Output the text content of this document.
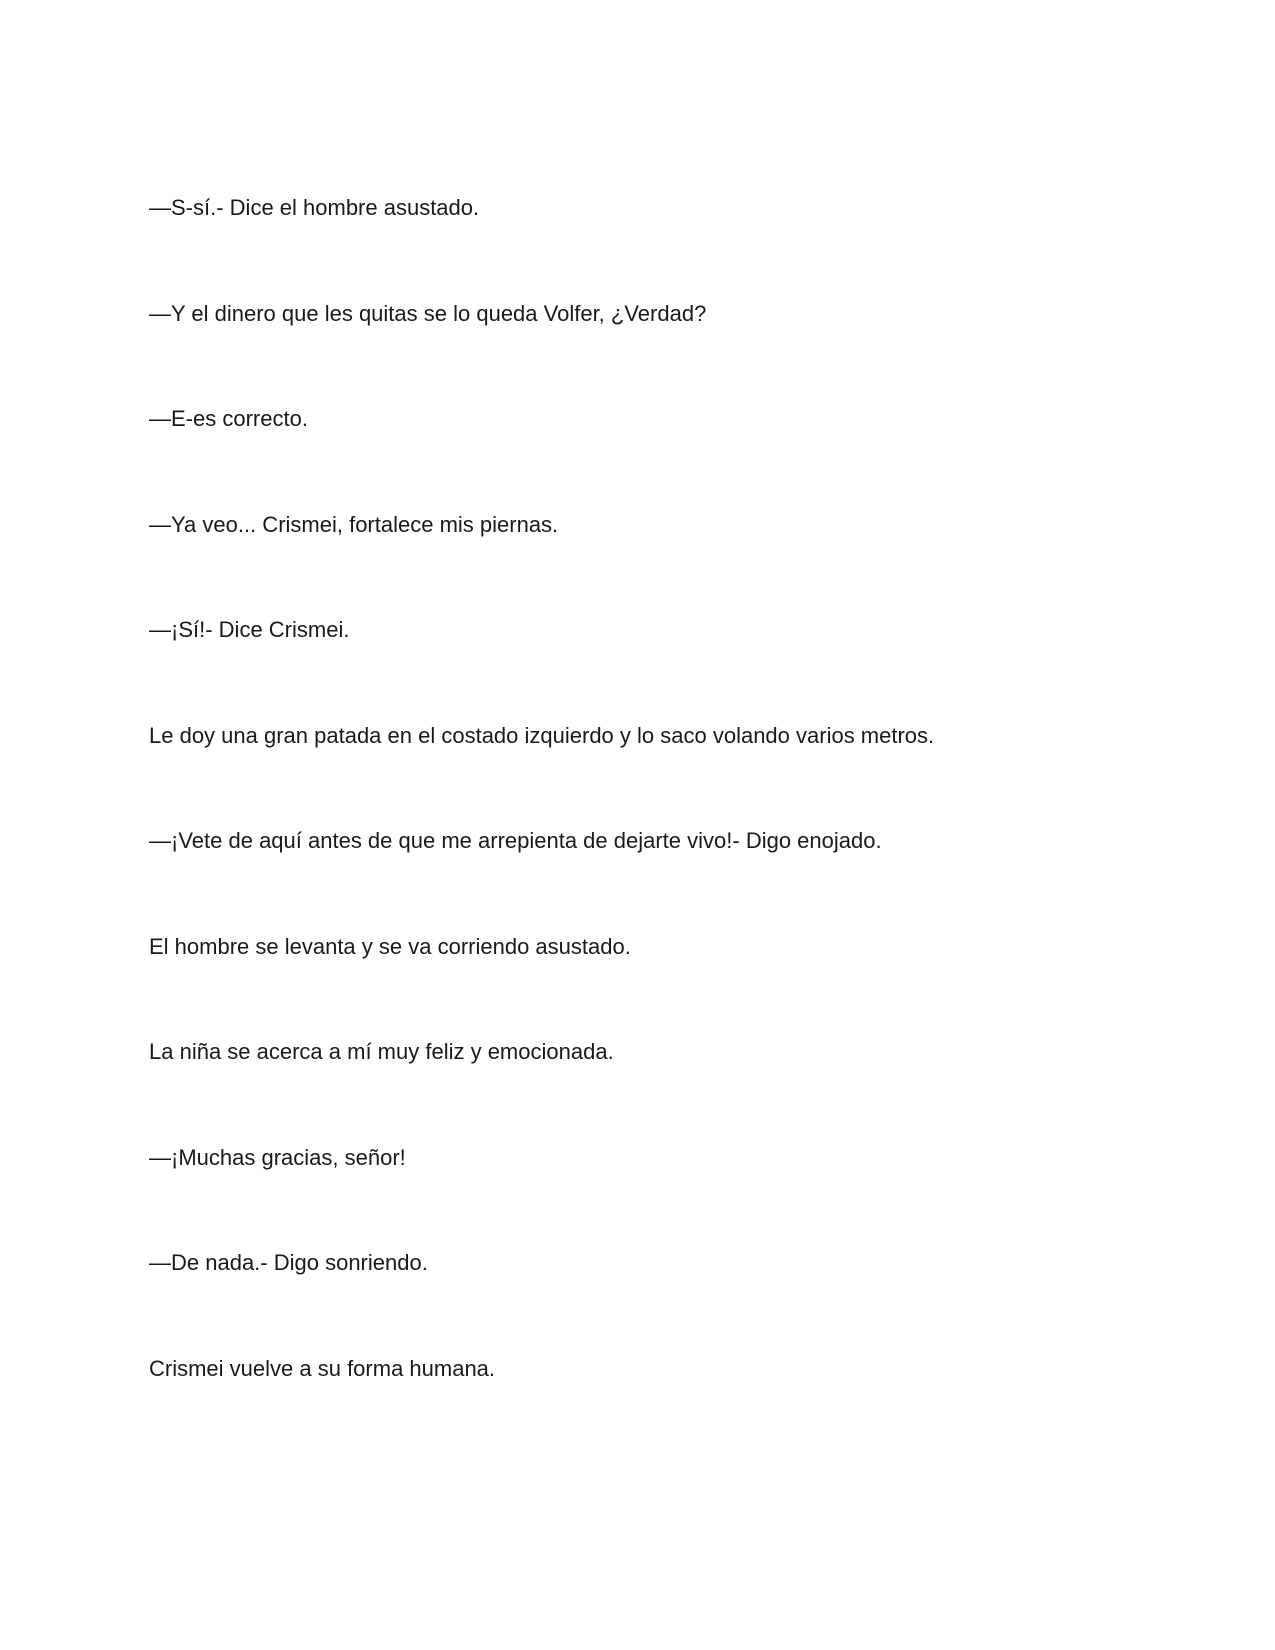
—S-sí.- Dice el hombre asustado.

—Y el dinero que les quitas se lo queda Volfer, ¿Verdad?

—E-es correcto.

—Ya veo... Crismei, fortalece mis piernas.

—¡Sí!- Dice Crismei.

Le doy una gran patada en el costado izquierdo y lo saco volando varios metros.

—¡Vete de aquí antes de que me arrepienta de dejarte vivo!- Digo enojado.

El hombre se levanta y se va corriendo asustado.

La niña se acerca a mí muy feliz y emocionada.

—¡Muchas gracias, señor!

—De nada.- Digo sonriendo.

Crismei vuelve a su forma humana.
